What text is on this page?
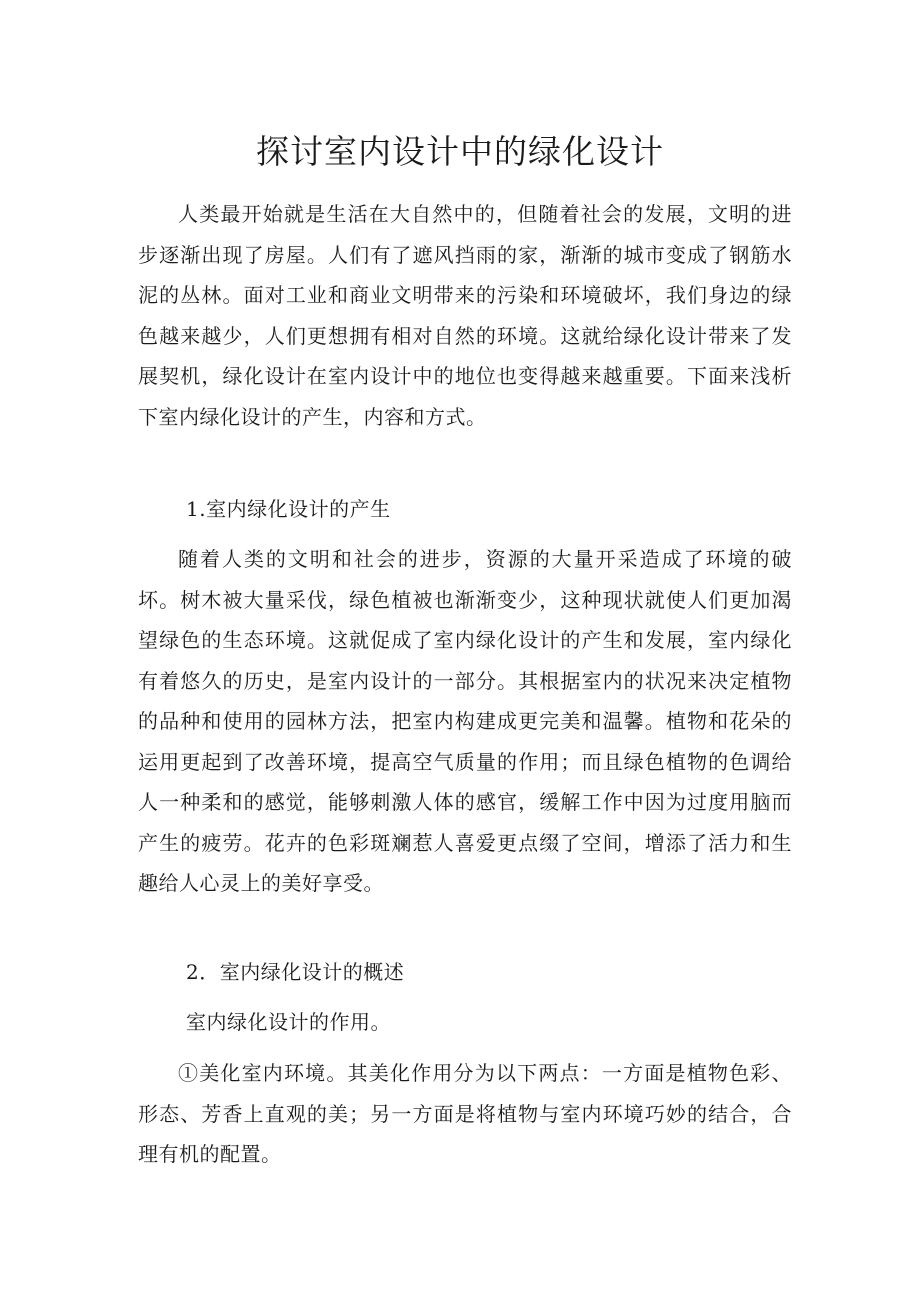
探讨室内设计中的绿化设计

人类最开始就是生活在大自然中的，但随着社会的发展，文明的进步逐渐出现了房屋。人们有了遮风挡雨的家，渐渐的城市变成了钢筋水泥的丛林。面对工业和商业文明带来的污染和环境破坏，我们身边的绿色越来越少，人们更想拥有相对自然的环境。这就给绿化设计带来了发展契机，绿化设计在室内设计中的地位也变得越来越重要。下面来浅析下室内绿化设计的产生，内容和方式。

1.室内绿化设计的产生

随着人类的文明和社会的进步，资源的大量开采造成了环境的破坏。树木被大量采伐，绿色植被也渐渐变少，这种现状就使人们更加渴望绿色的生态环境。这就促成了室内绿化设计的产生和发展，室内绿化有着悠久的历史，是室内设计的一部分。其根据室内的状况来决定植物的品种和使用的园林方法，把室内构建成更完美和温馨。植物和花朵的运用更起到了改善环境，提高空气质量的作用；而且绿色植物的色调给人一种柔和的感觉，能够刺激人体的感官，缓解工作中因为过度用脑而产生的疲劳。花卉的色彩斑斓惹人喜爱更点缀了空间，增添了活力和生趣给人心灵上的美好享受。

2．室内绿化设计的概述

室内绿化设计的作用。

①美化室内环境。其美化作用分为以下两点：一方面是植物色彩、形态、芳香上直观的美；另一方面是将植物与室内环境巧妙的结合，合理有机的配置。
